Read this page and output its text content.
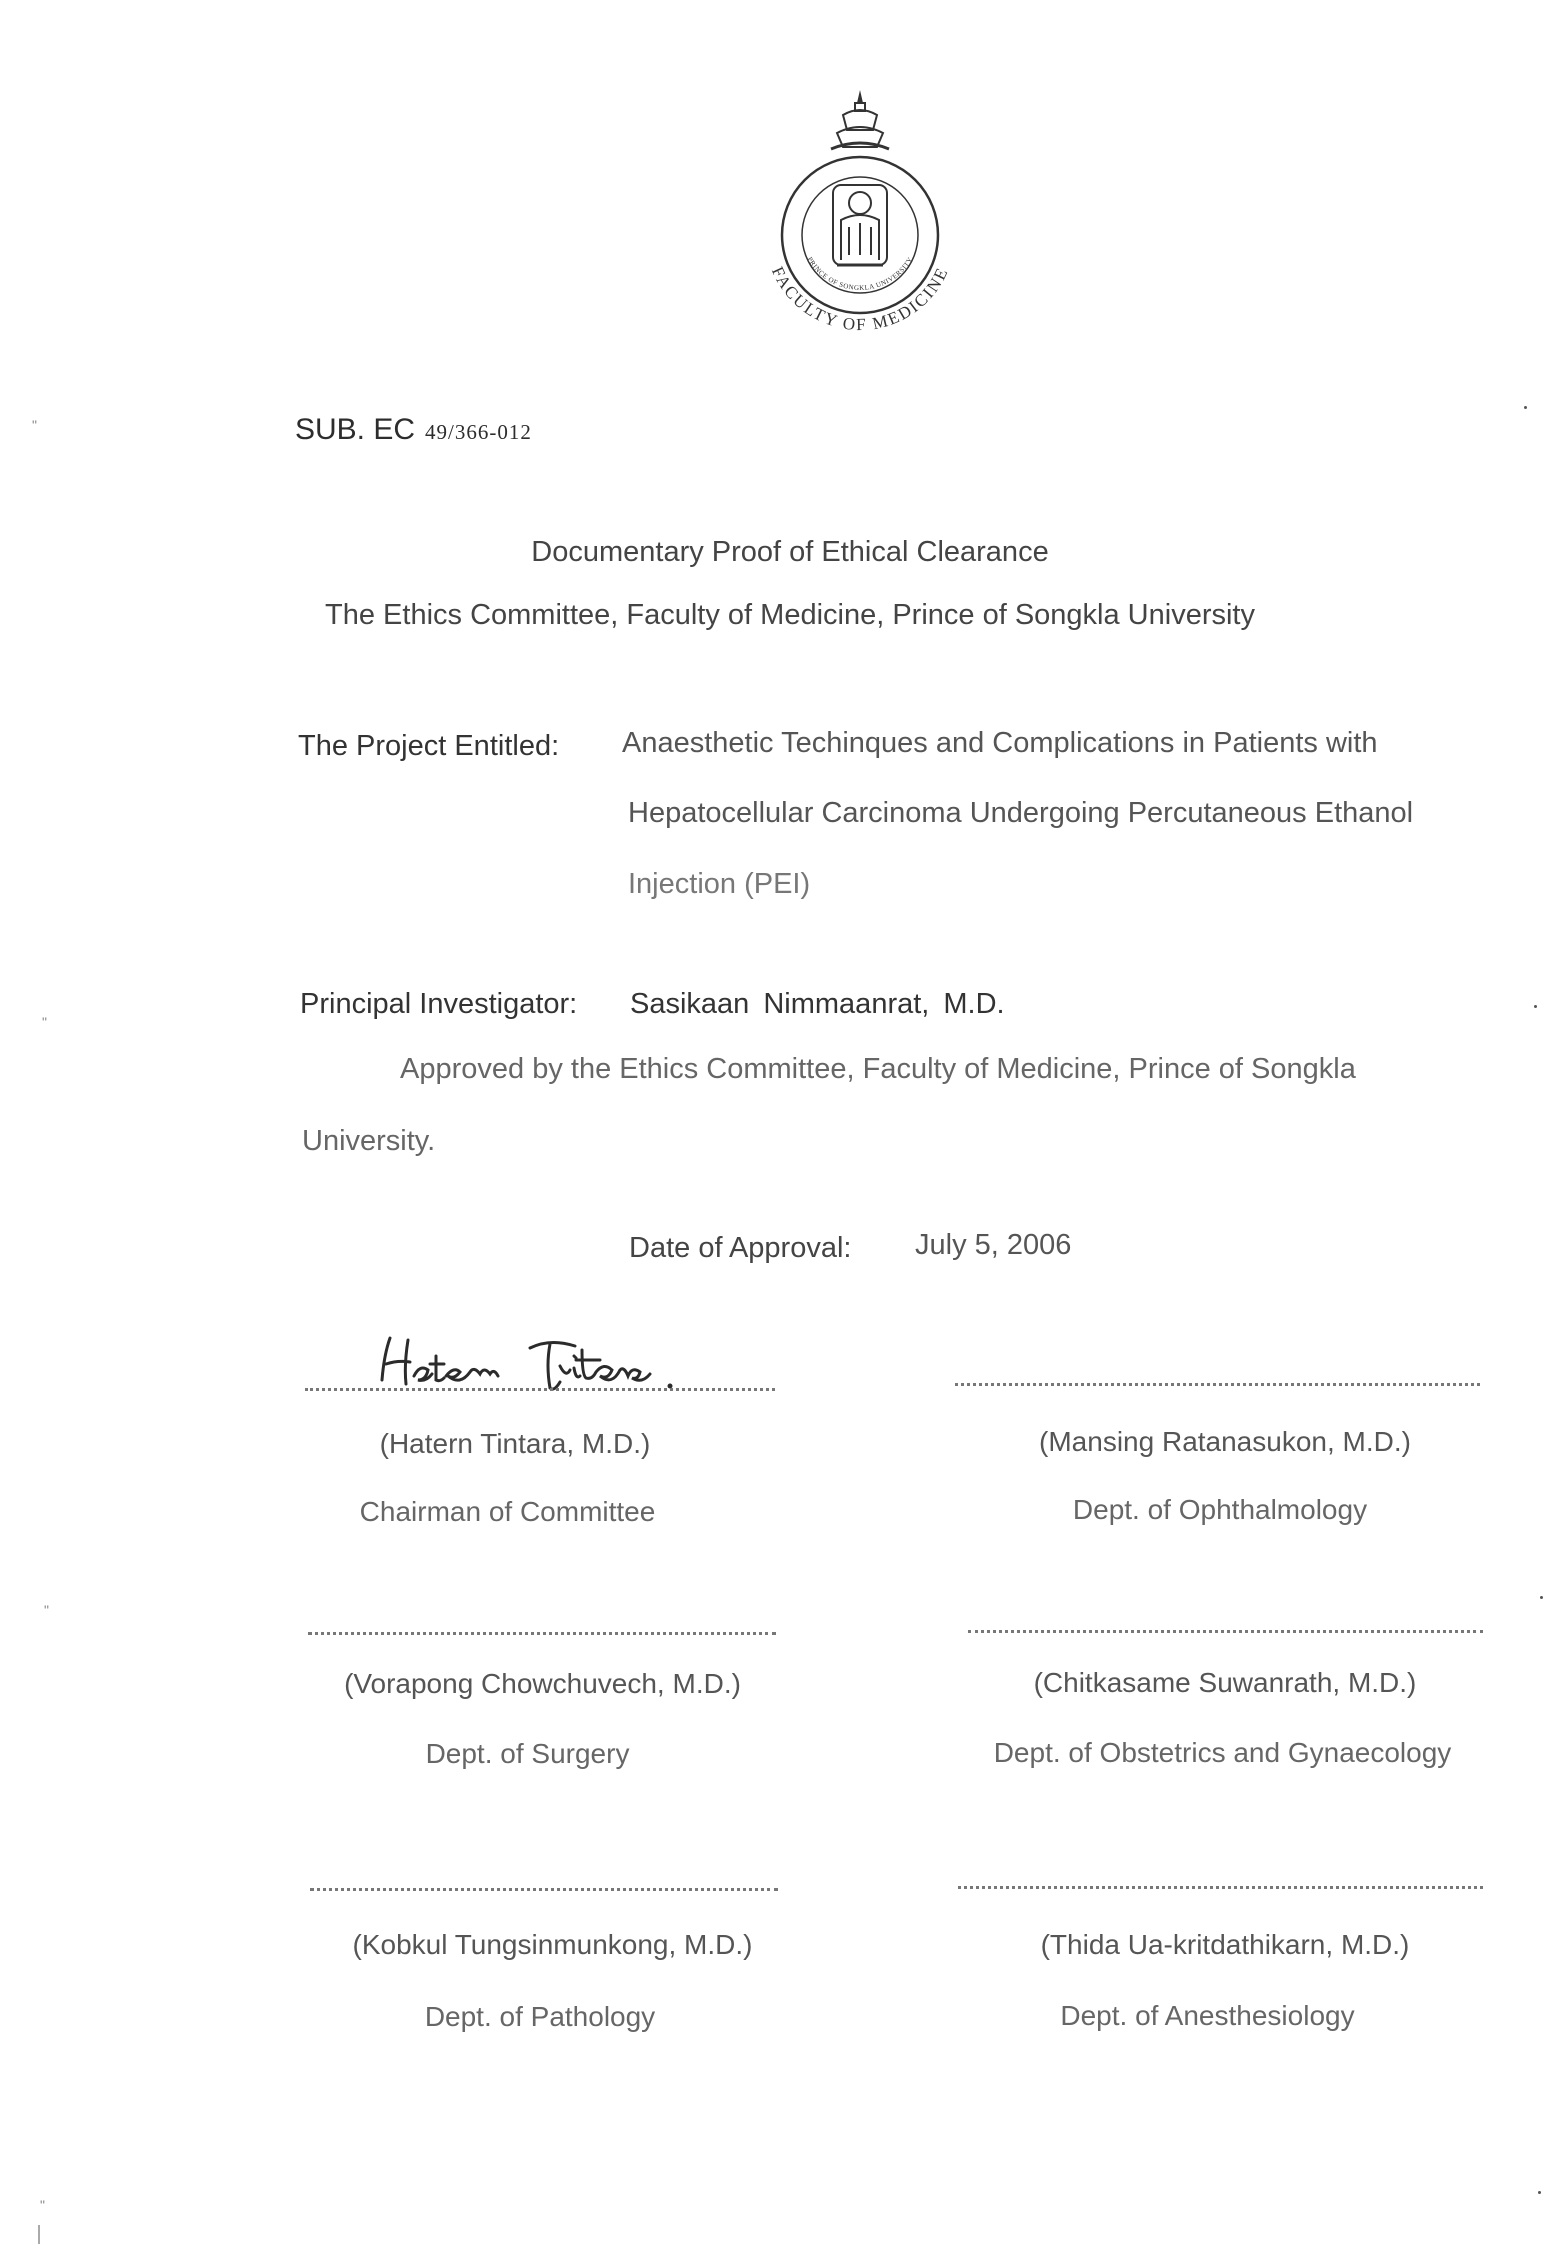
FACULTY OF MEDICINE
PRINCE OF SONGKLA UNIVERSITY
"
"
"
"
SUB. EC 49/366-012
Documentary Proof of Ethical Clearance
The Ethics Committee, Faculty of Medicine, Prince of Songkla University
The Project Entitled: Anaesthetic Techinques and Complications in Patients with
Hepatocellular Carcinoma Undergoing Percutaneous Ethanol
Injection (PEI)
Principal Investigator: Sasikaan Nimmaanrat, M.D.
Approved by the Ethics Committee, Faculty of Medicine, Prince of Songkla
University.
Date of Approval: July 5, 2006
(Hatern Tintara, M.D.)
Chairman of Committee
(Mansing Ratanasukon, M.D.)
Dept. of Ophthalmology
(Vorapong Chowchuvech, M.D.)
Dept. of Surgery
(Chitkasame Suwanrath, M.D.)
Dept. of Obstetrics and Gynaecology
(Kobkul Tungsinmunkong, M.D.)
Dept. of Pathology
(Thida Ua-kritdathikarn, M.D.)
Dept. of Anesthesiology
